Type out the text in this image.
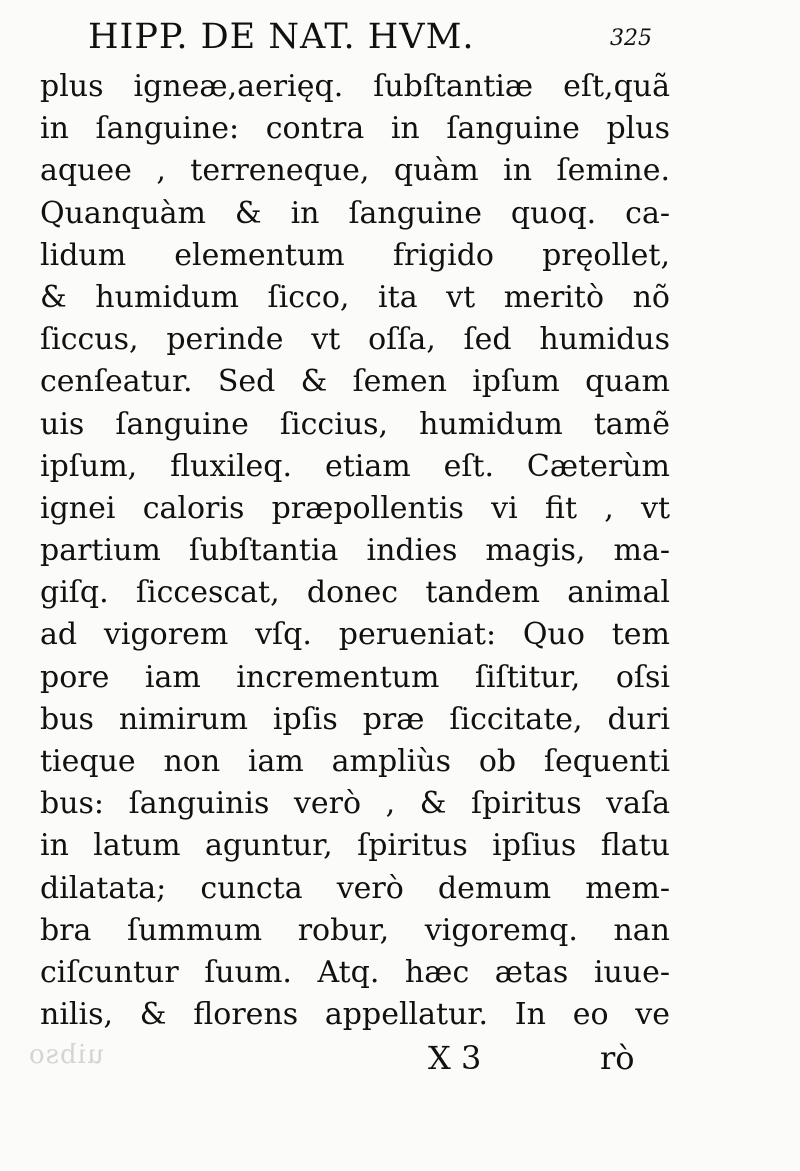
uibso
HIPP. DE NAT. HVM.	325
plus igneæ,aerięq. ſubſtantiæ eſt,quã
in ſanguine: contra in ſanguine plus
aquee , terreneque, quàm in ſemine.
Quanquàm & in ſanguine quoq. ca-
lidum elementum frigido pręollet,
& humidum ſicco, ita vt meritò nõ
ſiccus, perinde vt oſſa, ſed humidus
cenſeatur. Sed & ſemen ipſum quam
uis ſanguine ſiccius, humidum tamẽ
ipſum, fluxileq. etiam eſt. Cæterùm
ignei caloris præpollentis vi fit , vt
partium ſubſtantia indies magis, ma-
giſq. ſiccescat, donec tandem animal
ad vigorem vſq. perueniat: Quo tem
pore iam incrementum ſiſtitur, oſsi
bus nimirum ipſis præ ſiccitate, duri
tieque non iam ampliùs ob ſequenti
bus: ſanguinis verò , & ſpiritus vaſa
in latum aguntur, ſpiritus ipſius flatu
dilatata; cuncta verò demum mem-
bra ſummum robur, vigoremq. nan
ciſcuntur ſuum. Atq. hæc ætas iuue-
nilis, & florens appellatur. In eo ve
X 3	rò
